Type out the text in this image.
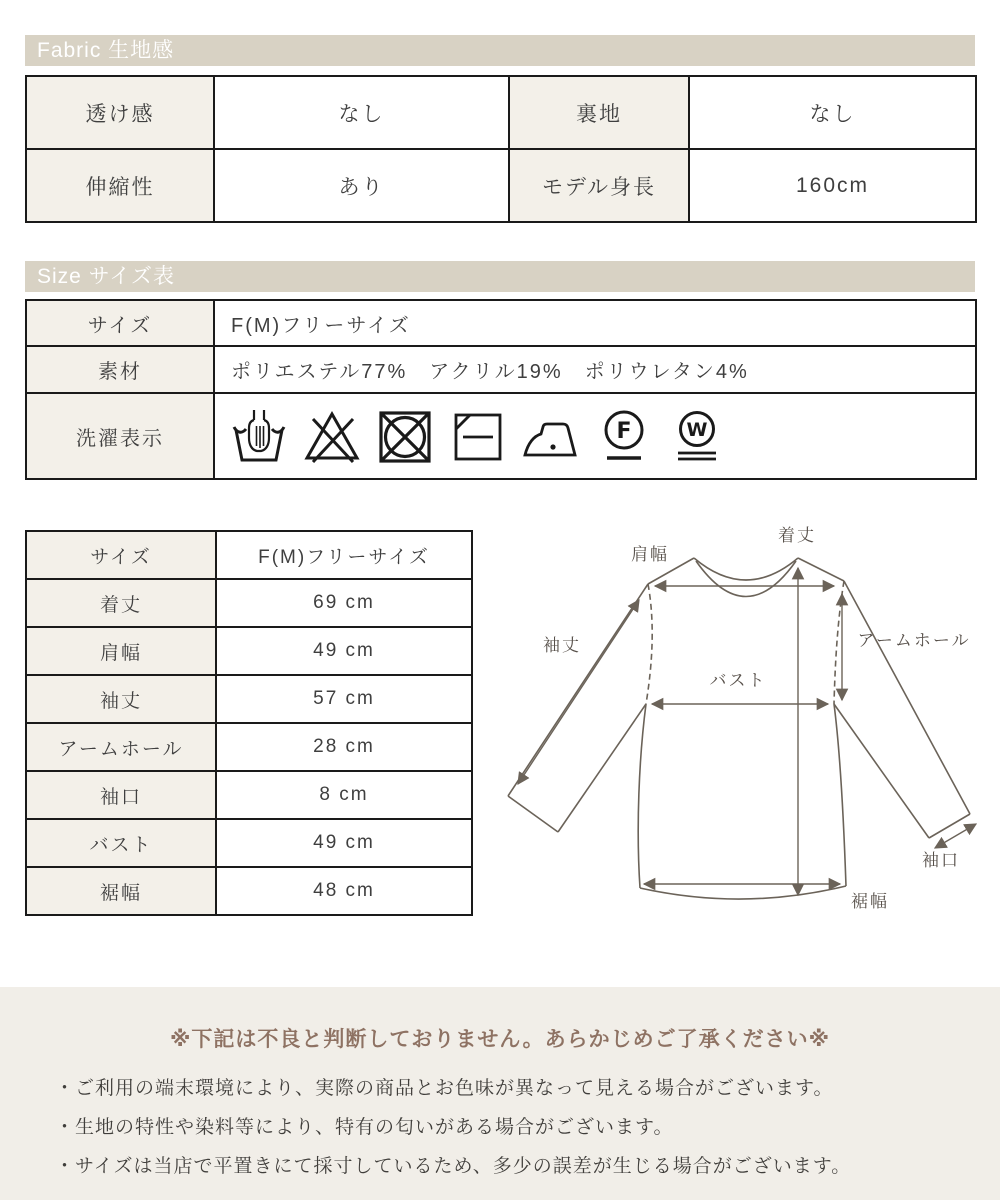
Fabric 生地感
透け感	なし	裏地	なし
伸縮性	あり	モデル身長	160cm
Size サイズ表
サイズ	F(M)フリーサイズ
素材	ポリエステル77%　アクリル19%　ポリウレタン4%
洗濯表示	F W
サイズ	F(M)フリーサイズ
着丈	69 cm
肩幅	49 cm
袖丈	57 cm
アームホール	28 cm
袖口	8 cm
バスト	49 cm
裾幅	48 cm
着丈
肩幅
袖丈	アームホール
バスト
袖口
裾幅

※下記は不良と判断しておりません。あらかじめご了承ください※

・ご利用の端末環境により、実際の商品とお色味が異なって見える場合がございます。
・生地の特性や染料等により、特有の匂いがある場合がございます。
・サイズは当店で平置きにて採寸しているため、多少の誤差が生じる場合がございます。
